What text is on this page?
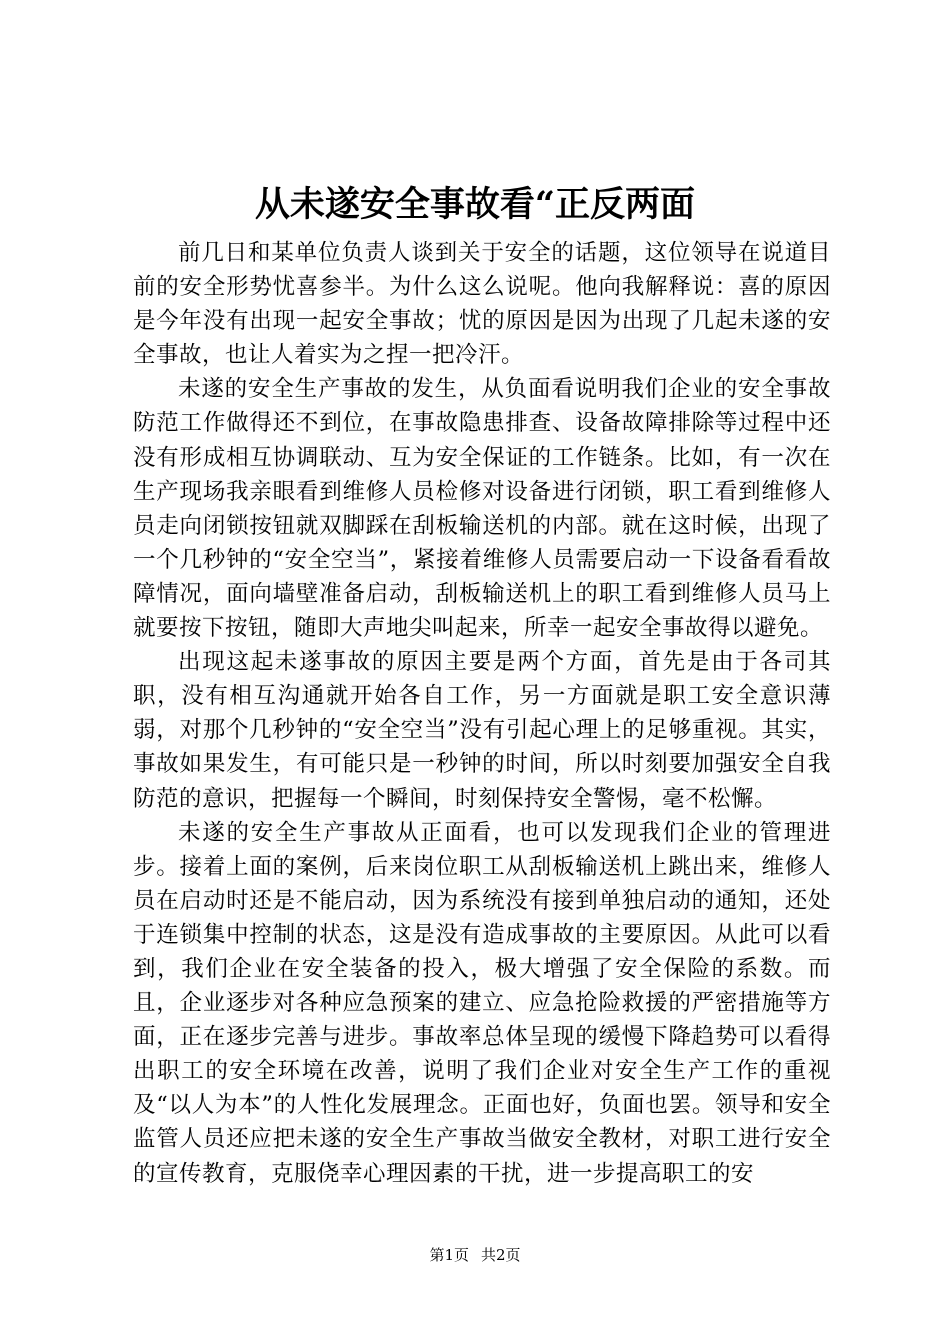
从未遂安全事故看“正反两面

前几日和某单位负责人谈到关于安全的话题，这位领导在说道目前的安全形势忧喜参半。为什么这么说呢。他向我解释说：喜的原因是今年没有出现一起安全事故；忧的原因是因为出现了几起未遂的安全事故，也让人着实为之捏一把冷汗。

未遂的安全生产事故的发生，从负面看说明我们企业的安全事故防范工作做得还不到位，在事故隐患排查、设备故障排除等过程中还没有形成相互协调联动、互为安全保证的工作链条。比如，有一次在生产现场我亲眼看到维修人员检修对设备进行闭锁，职工看到维修人员走向闭锁按钮就双脚踩在刮板输送机的内部。就在这时候，出现了一个几秒钟的“安全空当”，紧接着维修人员需要启动一下设备看看故障情况，面向墙壁准备启动，刮板输送机上的职工看到维修人员马上就要按下按钮，随即大声地尖叫起来，所幸一起安全事故得以避免。

出现这起未遂事故的原因主要是两个方面，首先是由于各司其职，没有相互沟通就开始各自工作，另一方面就是职工安全意识薄弱，对那个几秒钟的“安全空当”没有引起心理上的足够重视。其实，事故如果发生，有可能只是一秒钟的时间，所以时刻要加强安全自我防范的意识，把握每一个瞬间，时刻保持安全警惕，毫不松懈。

未遂的安全生产事故从正面看，也可以发现我们企业的管理进步。接着上面的案例，后来岗位职工从刮板输送机上跳出来，维修人员在启动时还是不能启动，因为系统没有接到单独启动的通知，还处于连锁集中控制的状态，这是没有造成事故的主要原因。从此可以看到，我们企业在安全装备的投入，极大增强了安全保险的系数。而且，企业逐步对各种应急预案的建立、应急抢险救援的严密措施等方面，正在逐步完善与进步。事故率总体呈现的缓慢下降趋势可以看得出职工的安全环境在改善，说明了我们企业对安全生产工作的重视及“以人为本”的人性化发展理念。正面也好，负面也罢。领导和安全监管人员还应把未遂的安全生产事故当做安全教材，对职工进行安全的宣传教育，克服侥幸心理因素的干扰，进一步提高职工的安

第1页 共2页
